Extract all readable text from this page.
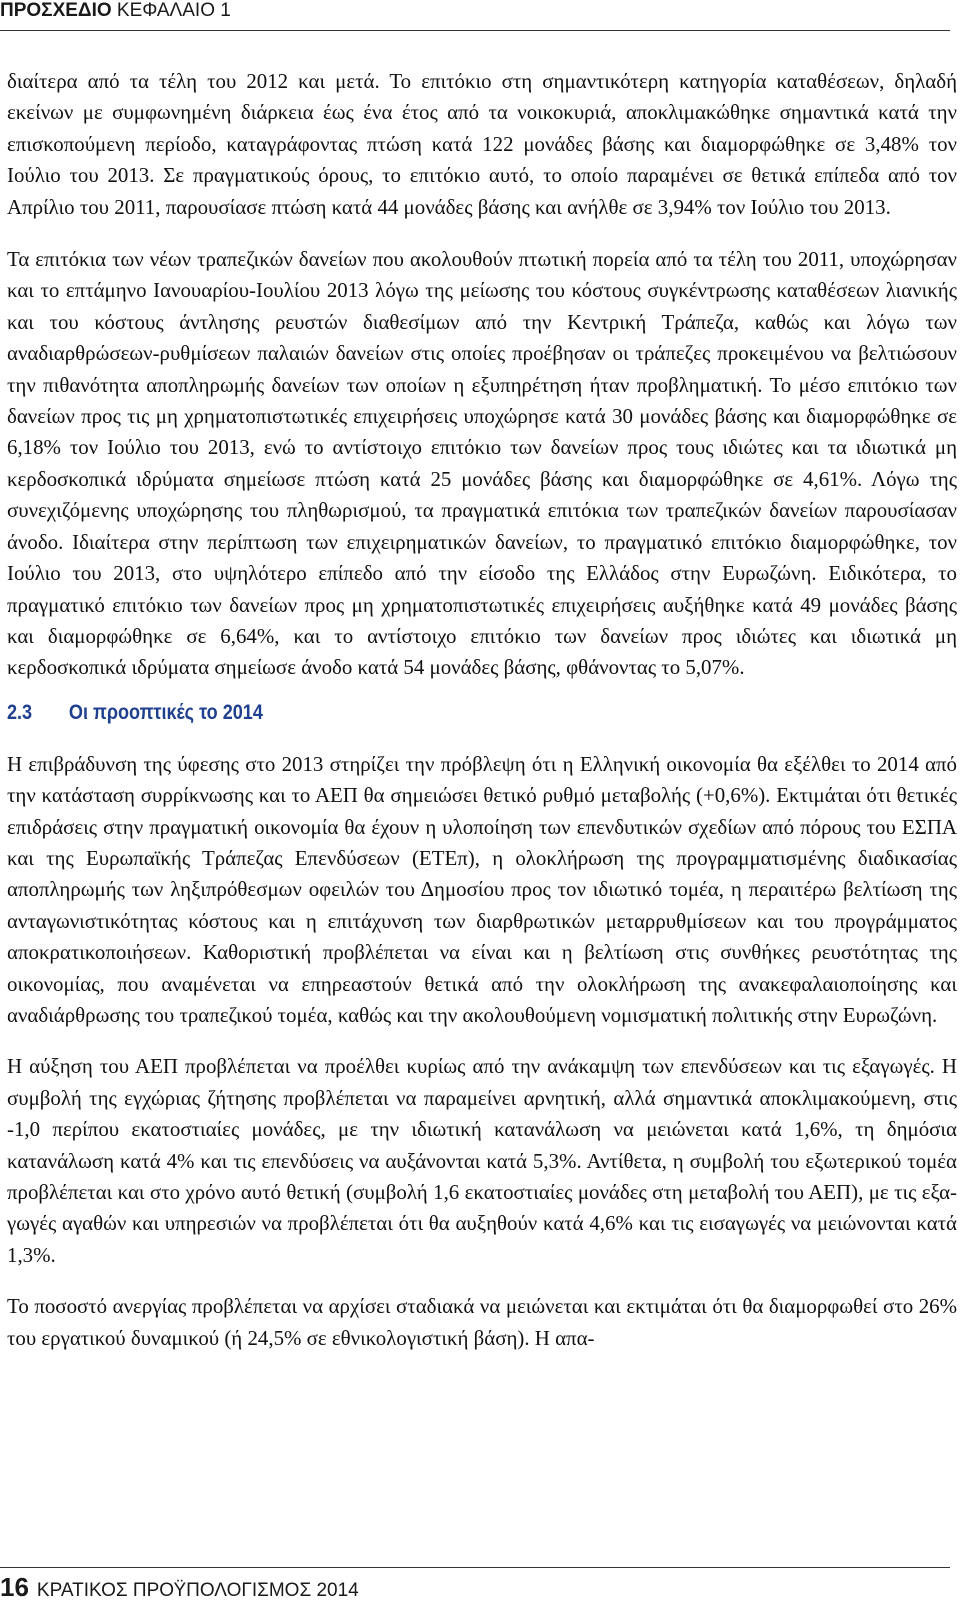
ΠΡΟΣΧΕΔΙΟ ΚΕΦΑΛΑΙΟ 1

διαίτερα από τα τέλη του 2012 και μετά. Το επιτόκιο στη σημαντικότερη κατηγορία καταθέσεων, δηλαδή εκείνων με συμφωνημένη διάρκεια έως ένα έτος από τα νοικοκυριά, αποκλιμακώθηκε σημαντικά κατά την επισκοπούμενη περίοδο, καταγράφοντας πτώση κατά 122 μονάδες βάσης και διαμορφώθηκε σε 3,48% τον Ιούλιο του 2013. Σε πραγματικούς όρους, το επιτόκιο αυτό, το οποίο παραμένει σε θετικά επίπεδα από τον Απρίλιο του 2011, παρουσίασε πτώση κατά 44 μονάδες βάσης και ανήλθε σε 3,94% τον Ιούλιο του 2013.

Τα επιτόκια των νέων τραπεζικών δανείων που ακολουθούν πτωτική πορεία από τα τέλη του 2011, υποχώρησαν και το επτάμηνο Ιανουαρίου-Ιουλίου 2013 λόγω της μείωσης του κόστους συγκέντρωσης καταθέσεων λιανικής και του κόστους άντλησης ρευστών διαθεσίμων από την Κεντρική Τράπεζα, καθώς και λόγω των αναδιαρθρώσεων-ρυθμίσεων παλαιών δανείων στις οποίες προέβησαν οι τράπεζες προκειμένου να βελτιώσουν την πιθανότητα αποπληρωμής δανείων των οποίων η εξυπηρέτηση ήταν προβληματική. Το μέσο επιτόκιο των δανείων προς τις μη χρηματοπιστωτικές επιχειρήσεις υποχώρησε κατά 30 μονάδες βάσης και διαμορφώθηκε σε 6,18% τον Ιούλιο του 2013, ενώ το αντίστοιχο επιτόκιο των δανείων προς τους ιδιώτες και τα ιδιωτικά μη κερδοσκοπικά ιδρύματα σημείωσε πτώση κατά 25 μονάδες βάσης και διαμορφώθηκε σε 4,61%. Λόγω της συνεχιζόμενης υποχώρησης του πληθωρισμού, τα πραγματικά επιτόκια των τραπεζικών δανείων παρουσίασαν άνοδο. Ιδιαίτερα στην περίπτωση των επιχειρηματικών δανείων, το πραγματικό επιτόκιο διαμορφώθηκε, τον Ιούλιο του 2013, στο υψηλότερο επίπεδο από την είσοδο της Ελλάδος στην Ευρωζώνη. Ειδικότερα, το πραγματικό επιτόκιο των δανείων προς μη χρηματοπιστωτικές επιχειρήσεις αυξήθηκε κατά 49 μονάδες βάσης και διαμορφώθηκε σε 6,64%, και το αντίστοιχο επιτόκιο των δανείων προς ιδιώτες και ιδιωτικά μη κερδοσκοπικά ιδρύματα σημείωσε άνοδο κατά 54 μονάδες βάσης, φθάνοντας το 5,07%.

2.3 Οι προοπτικές το 2014

Η επιβράδυνση της ύφεσης στο 2013 στηρίζει την πρόβλεψη ότι η Ελληνική οικονομία θα εξέλθει το 2014 από την κατάσταση συρρίκνωσης και το ΑΕΠ θα σημειώσει θετικό ρυθμό μεταβολής (+0,6%). Εκτιμάται ότι θετικές επιδράσεις στην πραγματική οικονομία θα έχουν η υλοποίηση των επενδυτικών σχεδίων από πόρους του ΕΣΠΑ και της Ευρωπαϊκής Τράπεζας Επενδύσεων (ΕΤΕπ), η ολοκλήρωση της προγραμματισμένης διαδικασίας αποπληρωμής των ληξιπρόθεσμων οφειλών του Δημοσίου προς τον ιδιωτικό τομέα, η περαιτέρω βελτίωση της ανταγωνιστικότητας κόστους και η επιτάχυνση των διαρθρωτικών μεταρρυθμίσεων και του προγράμματος αποκρατικοποιήσεων. Καθοριστική προβλέπεται να είναι και η βελτίωση στις συνθήκες ρευστότητας της οικονομίας, που αναμένεται να επηρεαστούν θετικά από την ολοκλήρωση της ανακεφαλαιοποίησης και αναδιάρθρωσης του τραπεζικού τομέα, καθώς και την ακολουθούμενη νομισματική πολιτικής στην Ευρωζώνη.

Η αύξηση του ΑΕΠ προβλέπεται να προέλθει κυρίως από την ανάκαμψη των επενδύσεων και τις εξαγωγές. Η συμβολή της εγχώριας ζήτησης προβλέπεται να παραμείνει αρνητική, αλλά σημαντικά αποκλιμακούμενη, στις -1,0 περίπου εκατοστιαίες μονάδες, με την ιδιωτική κατανάλωση να μειώνεται κατά 1,6%, τη δημόσια κατανάλωση κατά 4% και τις επενδύσεις να αυξάνονται κατά 5,3%. Αντίθετα, η συμβολή του εξωτερικού τομέα προβλέπεται και στο χρόνο αυτό θετική (συμβολή 1,6 εκατοστιαίες μονάδες στη μεταβολή του ΑΕΠ), με τις εξαγωγές αγαθών και υπηρεσιών να προβλέπεται ότι θα αυξηθούν κατά 4,6% και τις εισαγωγές να μειώνονται κατά 1,3%.

Το ποσοστό ανεργίας προβλέπεται να αρχίσει σταδιακά να μειώνεται και εκτιμάται ότι θα διαμορφωθεί στο 26% του εργατικού δυναμικού (ή 24,5% σε εθνικολογιστική βάση). Η απα-

16 ΚΡΑΤΙΚΟΣ ΠΡΟΫΠΟΛΟΓΙΣΜΟΣ 2014
